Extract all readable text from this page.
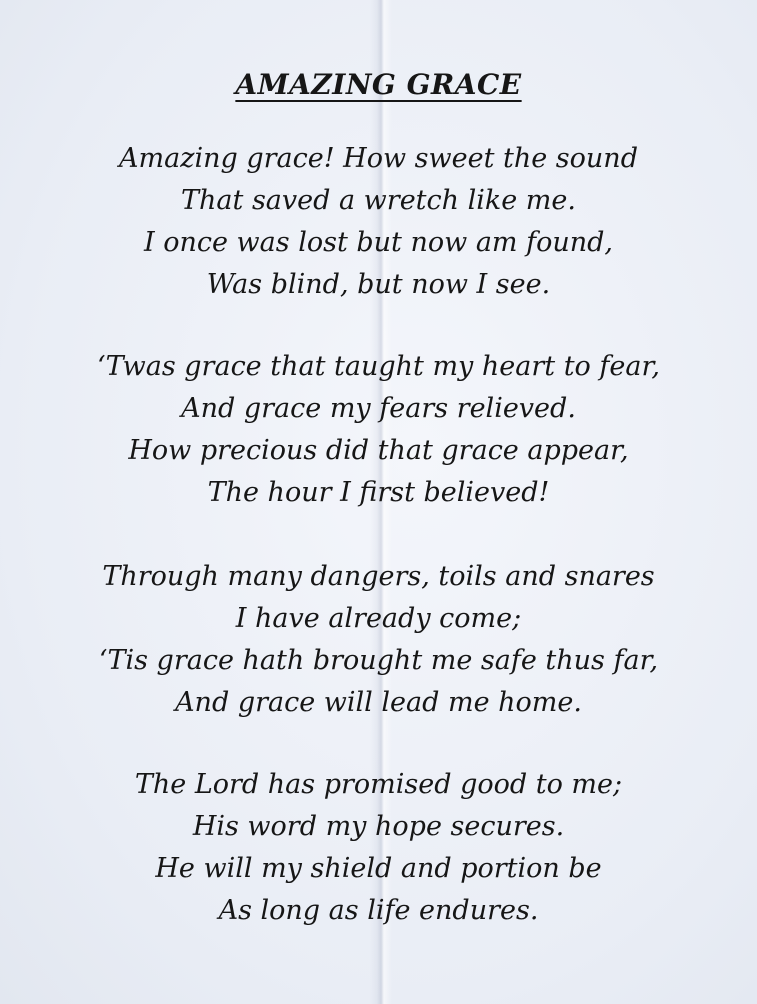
AMAZING GRACE
Amazing grace! How sweet the sound
That saved a wretch like me.
I once was lost but now am found,
Was blind, but now I see.
‘Twas grace that taught my heart to fear,
And grace my fears relieved.
How precious did that grace appear,
The hour I first believed!
Through many dangers, toils and snares
I have already come;
‘Tis grace hath brought me safe thus far,
And grace will lead me home.
The Lord has promised good to me;
His word my hope secures.
He will my shield and portion be
As long as life endures.
